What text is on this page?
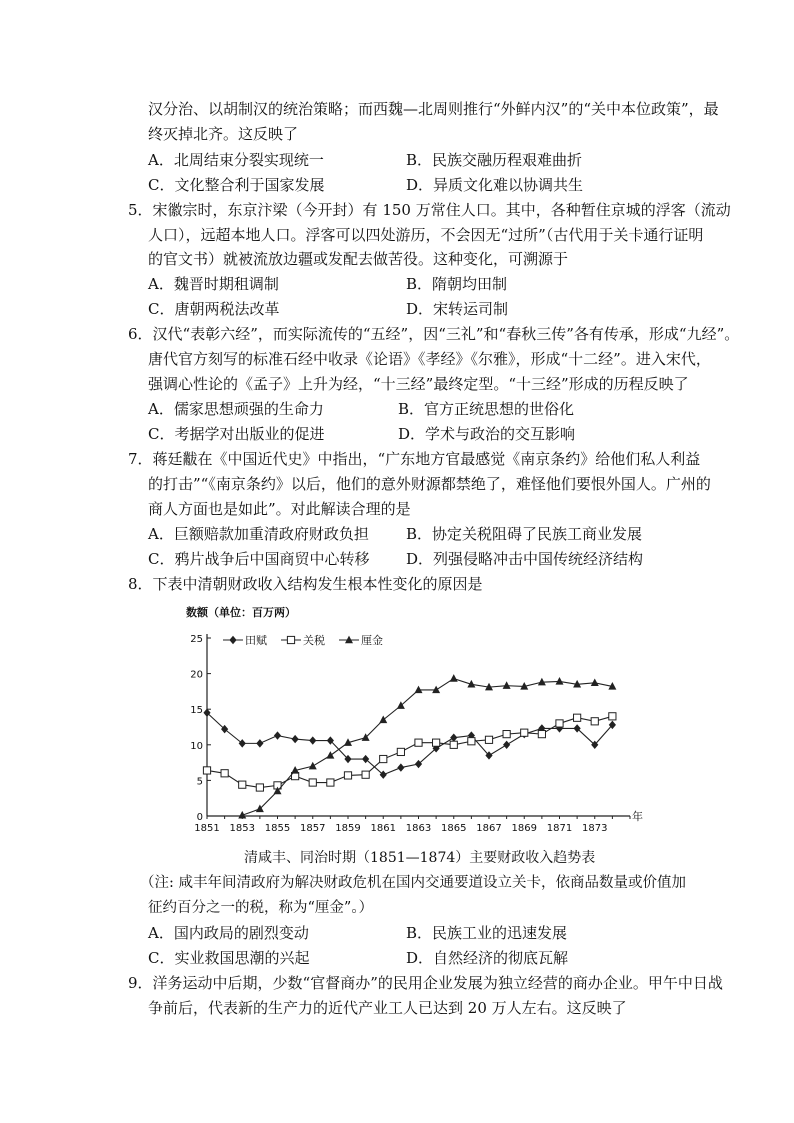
汉分治、以胡制汉的统治策略；而西魏—北周则推行“外鲜内汉”的“关中本位政策”，最
终灭掉北齐。这反映了
A．北周结束分裂实现统一	B．民族交融历程艰难曲折
C．文化整合利于国家发展	D．异质文化难以协调共生
5．宋徽宗时，东京汴梁（今开封）有 150 万常住人口。其中，各种暂住京城的浮客（流动
人口），远超本地人口。浮客可以四处游历，不会因无“过所”（古代用于关卡通行证明
的官文书）就被流放边疆或发配去做苦役。这种变化，可溯源于
A．魏晋时期租调制	B．隋朝均田制
C．唐朝两税法改革	D．宋转运司制
6．汉代“表彰六经”，而实际流传的“五经”，因“三礼”和“春秋三传”各有传承，形成“九经”。
唐代官方刻写的标准石经中收录《论语》《孝经》《尔雅》，形成“十二经”。进入宋代，
强调心性论的《孟子》上升为经，“十三经”最终定型。“十三经”形成的历程反映了
A．儒家思想顽强的生命力	B．官方正统思想的世俗化
C．考据学对出版业的促进	D．学术与政治的交互影响
7．蒋廷黻在《中国近代史》中指出，“广东地方官最感觉《南京条约》给他们私人利益
的打击”“《南京条约》以后，他们的意外财源都禁绝了，难怪他们要恨外国人。广州的
商人方面也是如此”。对此解读合理的是
A．巨额赔款加重清政府财政负担 B．协定关税阻碍了民族工商业发展
C．鸦片战争后中国商贸中心转移 D．列强侵略冲击中国传统经济结构
8．下表中清朝财政收入结构发生根本性变化的原因是
数额（单位：百万两）
年
0
5
10
15
20
25
1851 1853 1855 1857 1859 1861 1863 1865 1867 1869 1871 1873
田赋	关税	厘金
清咸丰、同治时期（1851—1874）主要财政收入趋势表
（注: 咸丰年间清政府为解决财政危机在国内交通要道设立关卡，依商品数量或价值加
征约百分之一的税，称为“厘金”。）
A．国内政局的剧烈变动	B．民族工业的迅速发展
C．实业救国思潮的兴起	D．自然经济的彻底瓦解
9．洋务运动中后期，少数“官督商办”的民用企业发展为独立经营的商办企业。甲午中日战
争前后，代表新的生产力的近代产业工人已达到 20 万人左右。这反映了
